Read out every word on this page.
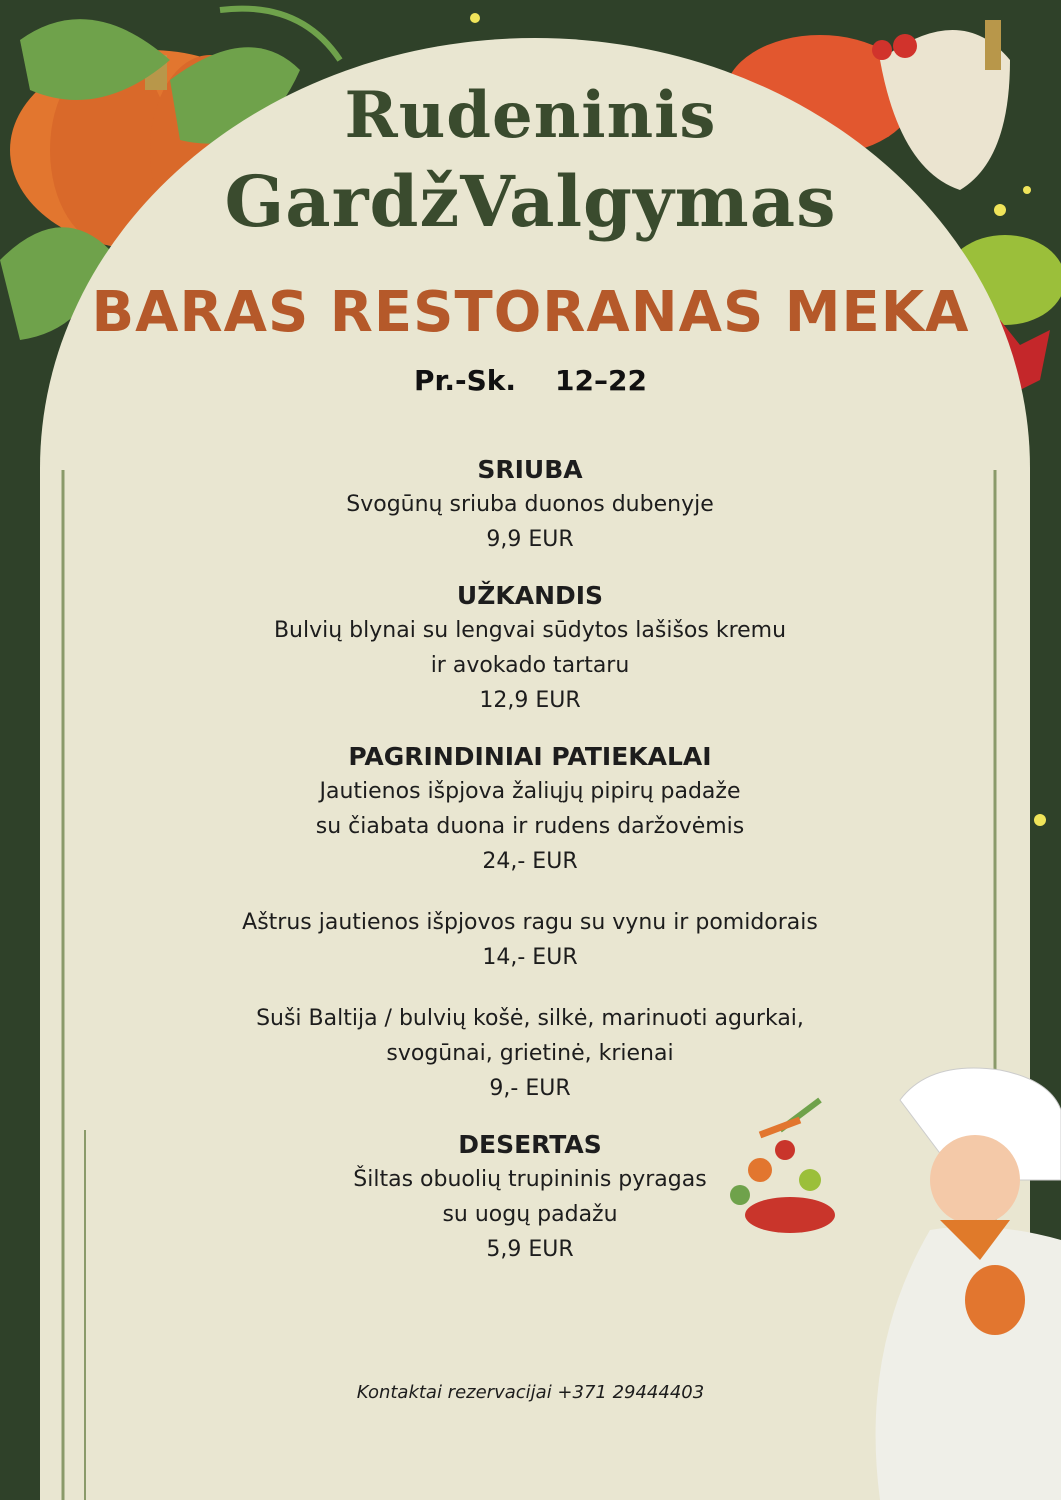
Rudeninis
GardžValgymas
BARAS RESTORANAS MEKA
Pr.-Sk. 12–22
SRIUBA
Svogūnų sriuba duonos dubenyje
9,9 EUR
UŽKANDIS
Bulvių blynai su lengvai sūdytos lašišos kremu
ir avokado tartaru
12,9 EUR
PAGRINDINIAI PATIEKALAI
Jautienos išpjova žaliųjų pipirų padaže
su čiabata duona ir rudens daržovėmis
24,- EUR
Aštrus jautienos išpjovos ragu su vynu ir pomidorais
14,- EUR
Suši Baltija / bulvių košė, silkė, marinuoti agurkai,
svogūnai, grietinė, krienai
9,- EUR
DESERTAS
Šiltas obuolių trupininis pyragas
su uogų padažu
5,9 EUR
Kontaktai rezervacijai +371 29444403
